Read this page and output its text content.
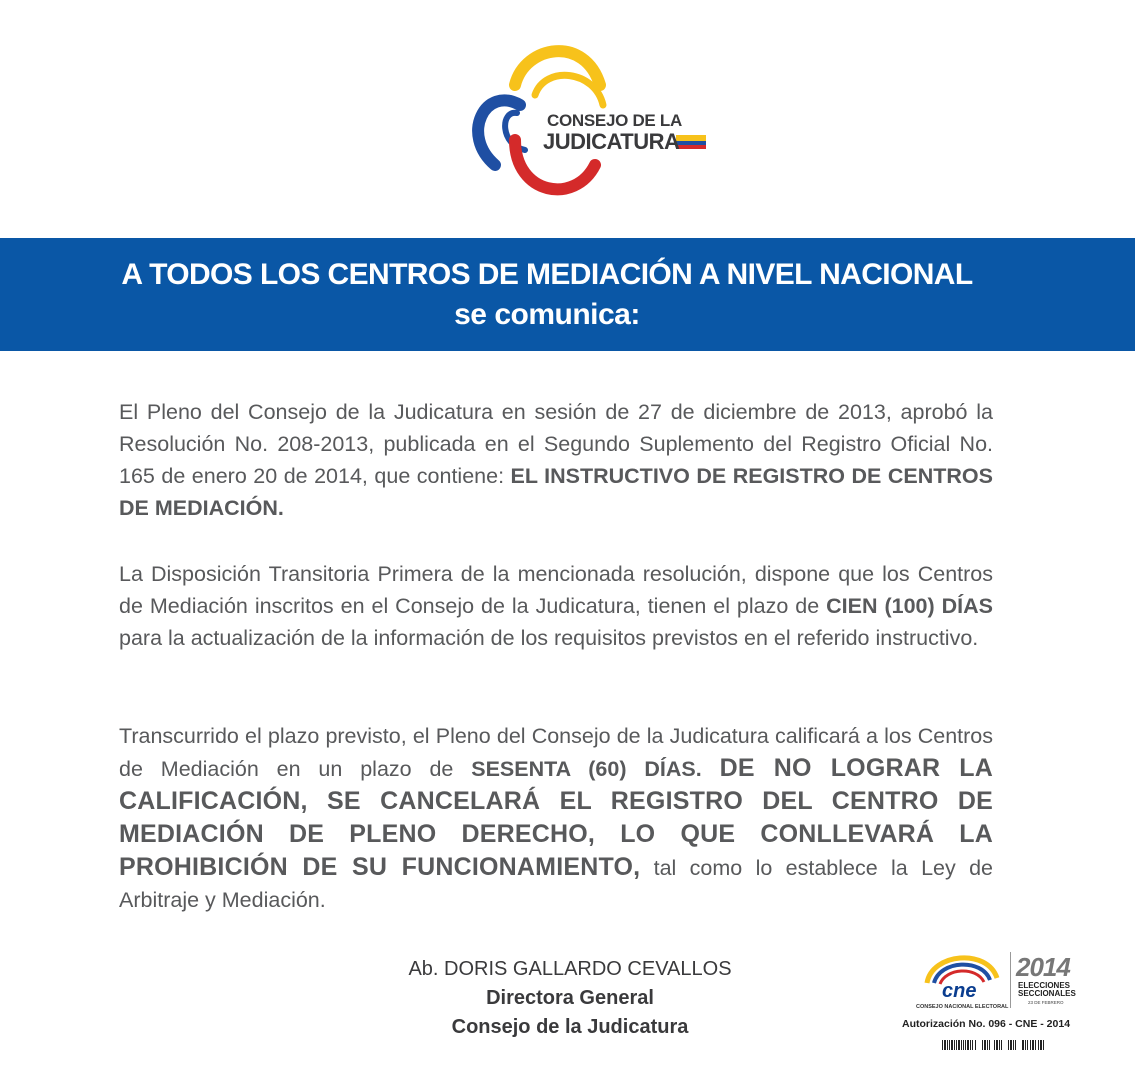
CONSEJO DE LA
JUDICATURA
A TODOS LOS CENTROS DE MEDIACIÓN A NIVEL NACIONAL
se comunica:
El Pleno del Consejo de la Judicatura en sesión de 27 de diciembre de 2013, aprobó la Resolución No. 208-2013, publicada en el Segundo Suplemento del Registro Oficial No. 165 de enero 20 de 2014, que contiene: EL INSTRUCTIVO DE REGISTRO DE CENTROS DE MEDIACIÓN.
La Disposición Transitoria Primera de la mencionada resolución, dispone que los Centros de Mediación inscritos en el Consejo de la Judicatura, tienen el plazo de CIEN (100) DÍAS para la actualización de la información de los requisitos previstos en el referido instructivo.
Transcurrido el plazo previsto, el Pleno del Consejo de la Judicatura calificará a los Centros de Mediación en un plazo de SESENTA (60) DÍAS. DE NO LOGRAR LA CALIFICACIÓN, SE CANCELARÁ EL REGISTRO DEL CENTRO DE MEDIACIÓN DE PLENO DERECHO, LO QUE CONLLEVARÁ LA PROHIBICIÓN DE SU FUNCIONAMIENTO, tal como lo establece la Ley de Arbitraje y Mediación.
Ab. DORIS GALLARDO CEVALLOS
Directora General
Consejo de la Judicatura
cne
CONSEJO NACIONAL ELECTORAL
2014
ELECCIONES
SECCIONALES
23 DE FEBRERO
Autorización No. 096 - CNE - 2014
